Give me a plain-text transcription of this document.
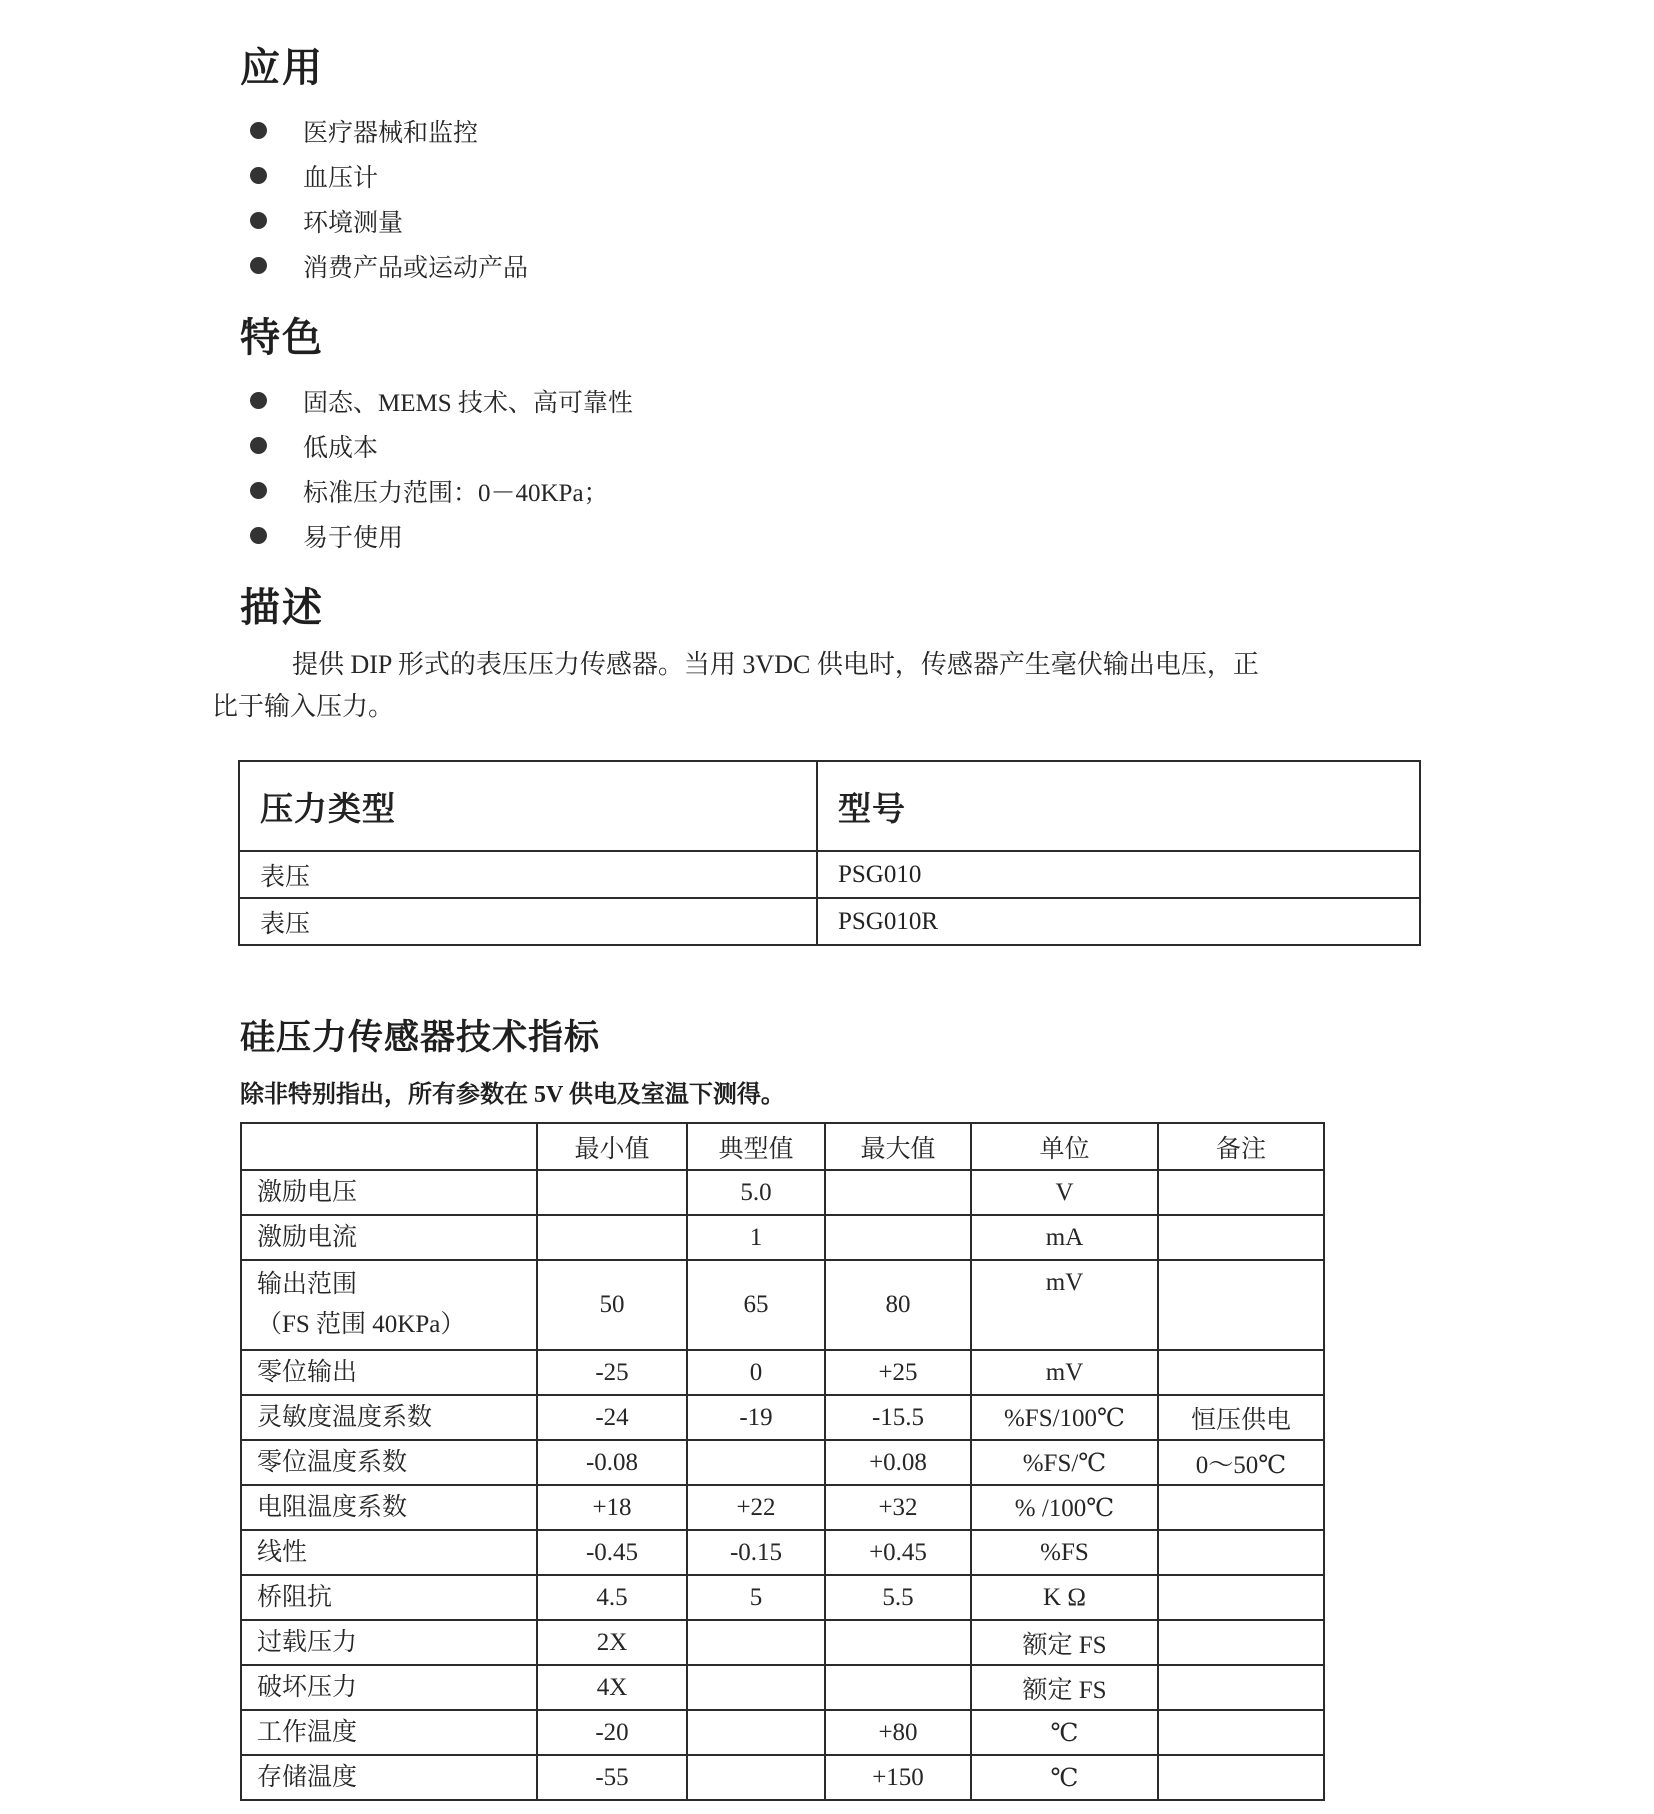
应用
医疗器械和监控
血压计
环境测量
消费产品或运动产品
特色
固态、MEMS 技术、高可靠性
低成本
标准压力范围：0－40KPa；
易于使用
描述

提供 DIP 形式的表压压力传感器。当用 3VDC 供电时，传感器产生毫伏输出电压，正
比于输入压力。

压力类型	型号
表压	PSG010
表压	PSG010R
硅压力传感器技术指标

除非特别指出，所有参数在 5V 供电及室温下测得。

	最小值	典型值	最大值	单位	备注
激励电压		5.0		V	
激励电流		1		mA	
输出范围
（FS 范围 40KPa）	50	65	80	mV	
零位输出	-25	0	+25	mV	
灵敏度温度系数	-24	-19	-15.5	%FS/100℃	恒压供电
零位温度系数	-0.08		+0.08	%FS/℃	0～50℃
电阻温度系数	+18	+22	+32	% /100℃	
线性	-0.45	-0.15	+0.45	%FS	
桥阻抗	4.5	5	5.5	K Ω	
过载压力	2X			额定 FS	
破坏压力	4X			额定 FS	
工作温度	-20		+80	℃	
存储温度	-55		+150	℃	
